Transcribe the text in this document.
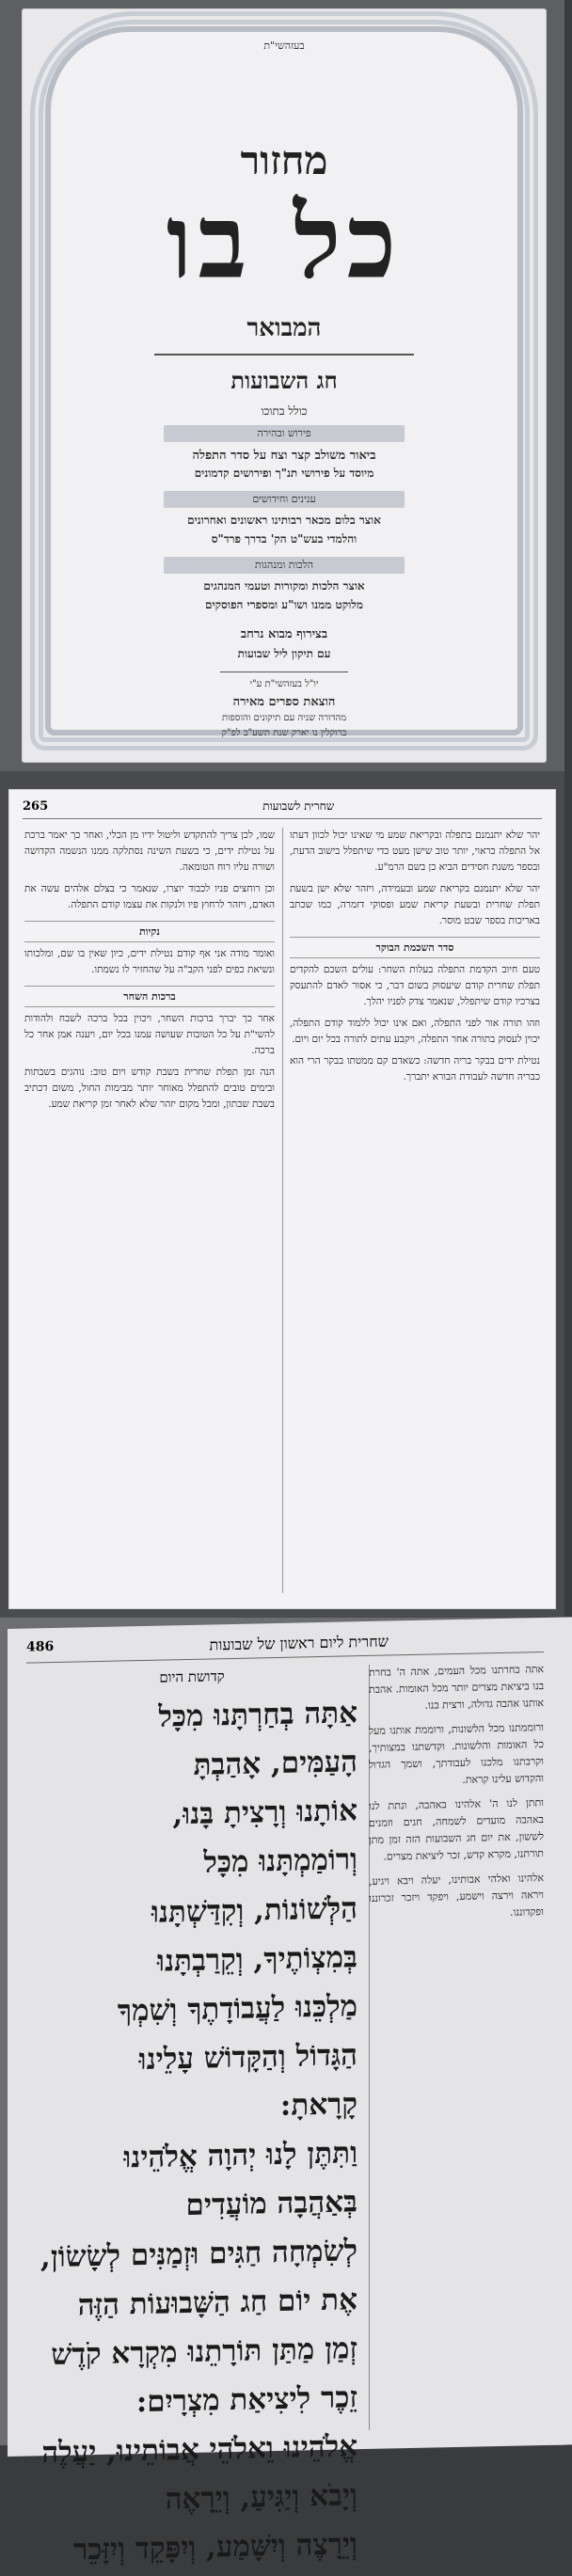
בעזהשי"ת
מחזור
כל בו
המבואר
חג השבועות
כולל בתוכו
פירוש ובהירה
ביאור משולב קצר וצח על סדר התפלה
מיוסד על פירושי תנ"ך ופירושים קדמונים
ענינים וחידושים
אוצר בלום מכאר רבותינו ראשונים ואחרונים
והלמדי בעש"ט הק' בדרך פרד"ס
הלכות ומנהגות
אוצר הלכות ומקורות וטעמי המנהגים
מלוקט ממנו ושו"ע ומספרי הפוסקים
בצירוף מבוא נרחב
עם תיקון ליל שבועות
יו"ל בעזהשי"ת ע"י
הוצאת ספרים מאירה
מהדורה שניה עם תיקונים והוספות
ברוקלין נו יארק שנת תשע"ב לפ"ק
265	שחרית לשבועות

יהר שלא יתנמנם בתפלה ובקריאת שמע מי שאינו יכול לכוון דעתו אל התפלה כראוי, יותר טוב שישן מעט כדי שיתפלל בישוב הדעת, ובספר משנת חסידים הביא כן בשם הרמ"ע.

יהר שלא יתנמנם בקריאת שמע ובעמידה, ויזהר שלא ישן בשעת תפלת שחרית ובשעת קריאת שמע ופסוקי דזמרה, כמו שכתב באריכות בספר שבט מוסר.

סדר השכמת הבוקר

טעם חיוב הקדמת התפלה בעלות השחר: עולים השכם להקדים תפלת שחרית קודם שיעסוק בשום דבר, כי אסור לאדם להתעסק בצרכיו קודם שיתפלל, שנאמר צדק לפניו יהלך.

וזהו תורה אור לפני התפלה, ואם אינו יכול ללמוד קודם התפלה, יכוין לעסוק בתורה אחר התפלה, ויקבע עתים לתורה בכל יום ויום.

נטילת ידים בבקר בריה חדשה: כשאדם קם ממטתו בבקר הרי הוא כבריה חדשה לעבודת הבורא יתברך.

שמו, לכן צריך להתקדש וליטול ידיו מן הכלי, ואחר כך יאמר ברכת על נטילת ידים, כי בשעת השינה נסתלקה ממנו הנשמה הקדושה ושורה עליו רוח הטומאה.

וכן רוחצים פניו לכבוד יוצרו, שנאמר כי בצלם אלהים עשה את האדם, ויזהר לרחוץ פיו ולנקות את עצמו קודם התפלה.

נקיות

ואומר מודה אני אף קודם נטילת ידים, כיון שאין בו שם, ומלכותו ונשיאת כפים לפני הקב"ה על שהחזיר לו נשמתו.

ברכות השחר

אחר כך יברך ברכות השחר, ויכוין בכל ברכה לשבח ולהודות להשי"ת על כל הטובות שעושה עמנו בכל יום, ויענה אמן אחר כל ברכה.

הנה זמן תפלת שחרית בשבת קודש ויום טוב: נוהגים בשבתות ובימים טובים להתפלל מאוחר יותר מבימות החול, משום דכתיב בשבת שבתון, ומכל מקום יזהר שלא לאחר זמן קריאת שמע.

486	שחרית ליום ראשון של שבועות
קדושת היום

אַתָּה בְחַרְתָּנוּ מִכָּל

הָעַמִּים, אָהַבְתָּ

אוֹתָנוּ וְרָצִיתָ בָּנוּ,

וְרוֹמַמְתָּנוּ מִכָּל

הַלְּשׁוֹנוֹת, וְקִדַּשְׁתָּנוּ

בְּמִצְוֹתֶיךָ, וְקֵרַבְתָּנוּ

מַלְכֵּנוּ לַעֲבוֹדָתֶךָ וְשִׁמְךָ

הַגָּדוֹל וְהַקָּדוֹשׁ עָלֵינוּ

קָרָאתָ:

וַתִּתֶּן לָנוּ יְהוָה אֱלֹהֵינוּ

בְּאַהֲבָה מוֹעֲדִים

לְשִׂמְחָה חַגִּים וּזְמַנִּים לְשָׂשׂוֹן,

אֶת יוֹם חַג הַשָּׁבוּעוֹת הַזֶּה

זְמַן מַתַּן תּוֹרָתֵנוּ מִקְרָא קֹדֶשׁ

זֵכֶר לִיצִיאַת מִצְרָיִם:

אֱלֹהֵינוּ וֵאלֹהֵי אֲבוֹתֵינוּ, יַעֲלֶה

וְיָבֹא וְיַגִּיעַ, וְיֵרָאֶה

וְיֵרָצֶה וְיִשָּׁמַע, וְיִפָּקֵד וְיִזָּכֵר

אתה בחרתנו מכל העמים, אתה ה' בחרת בנו ביציאת מצרים יותר מכל האומות. אהבת אותנו אהבה גדולה, ורצית בנו.

ורוממתנו מכל הלשונות, ורוממת אותנו מעל כל האומות והלשונות. וקדשתנו במצותיך, וקרבתנו מלכנו לעבודתך, ושמך הגדול והקדוש עלינו קראת.

ותתן לנו ה' אלהינו באהבה, ונתת לנו באהבה מועדים לשמחה, חגים וזמנים לששון, את יום חג השבועות הזה זמן מתן תורתנו, מקרא קדש, זכר ליציאת מצרים.

אלהינו ואלהי אבותינו, יעלה ויבא ויגיע, ויראה וירצה וישמע, ויפקד ויזכר זכרוננו ופקדוננו.
